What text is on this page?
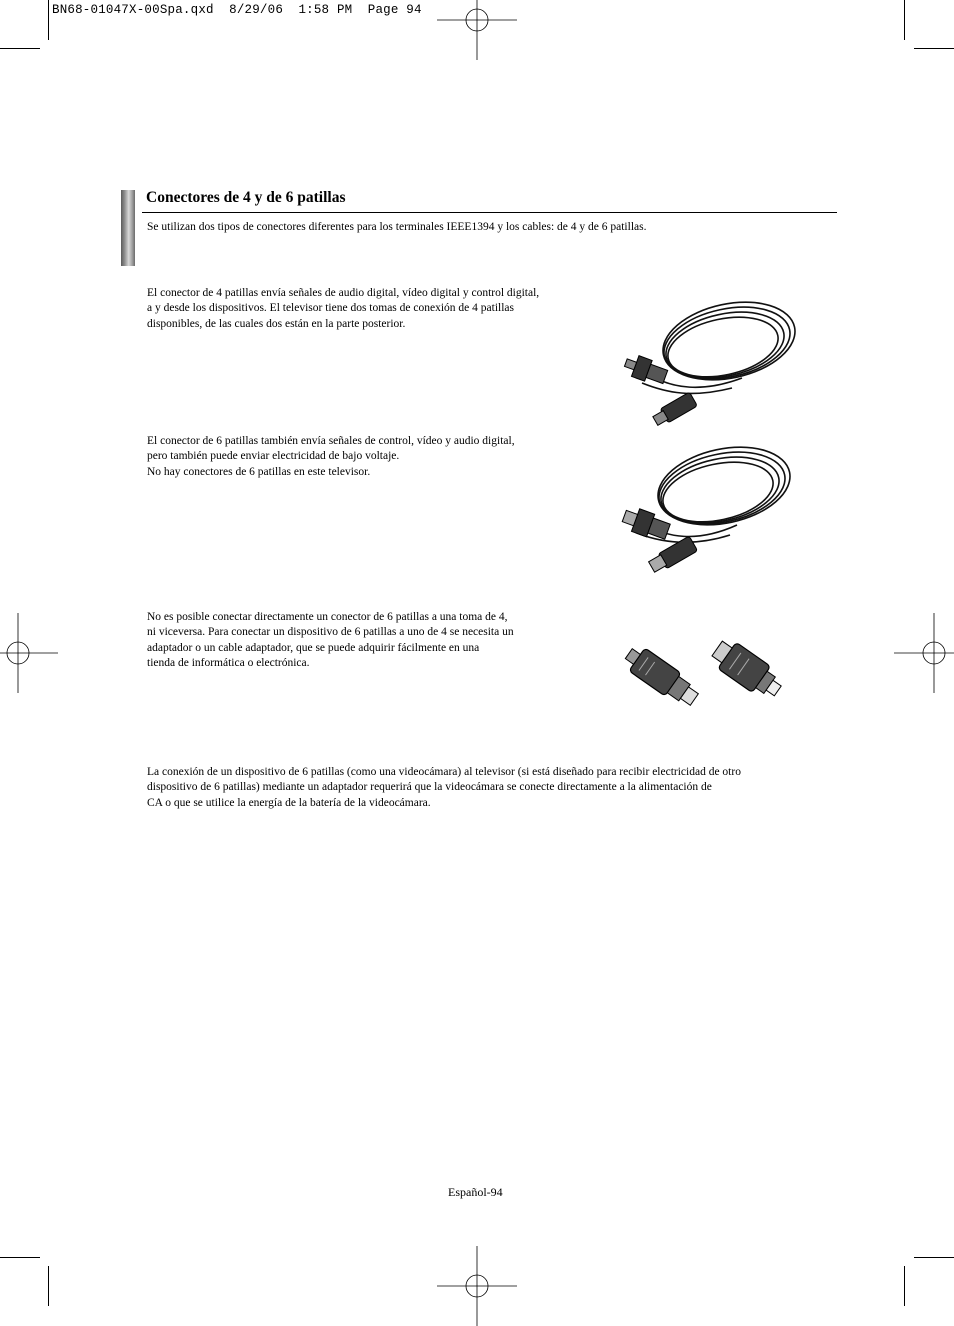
BN68-01047X-00Spa.qxd  8/29/06  1:58 PM  Page 94
Conectores de 4 y de 6 patillas
Se utilizan dos tipos de conectores diferentes para los terminales IEEE1394 y los cables: de 4 y de 6 patillas.
El conector de 4 patillas envía señales de audio digital, vídeo digital y control digital,
a y desde los dispositivos. El televisor tiene dos tomas de conexión de 4 patillas
disponibles, de las cuales dos están en la parte posterior.
El conector de 6 patillas también envía señales de control, vídeo y audio digital,
pero también puede enviar electricidad de bajo voltaje.
No hay conectores de 6 patillas en este televisor.
No es posible conectar directamente un conector de 6 patillas a una toma de 4,
ni viceversa. Para conectar un dispositivo de 6 patillas a uno de 4 se necesita un
adaptador o un cable adaptador, que se puede adquirir fácilmente en una
tienda de informática o electrónica.
La conexión de un dispositivo de 6 patillas (como una videocámara) al televisor (si está diseñado para recibir electricidad de otro
dispositivo de 6 patillas) mediante un adaptador requerirá que la videocámara se conecte directamente a la alimentación de
CA o que se utilice la energía de la batería de la videocámara.
Español-94
